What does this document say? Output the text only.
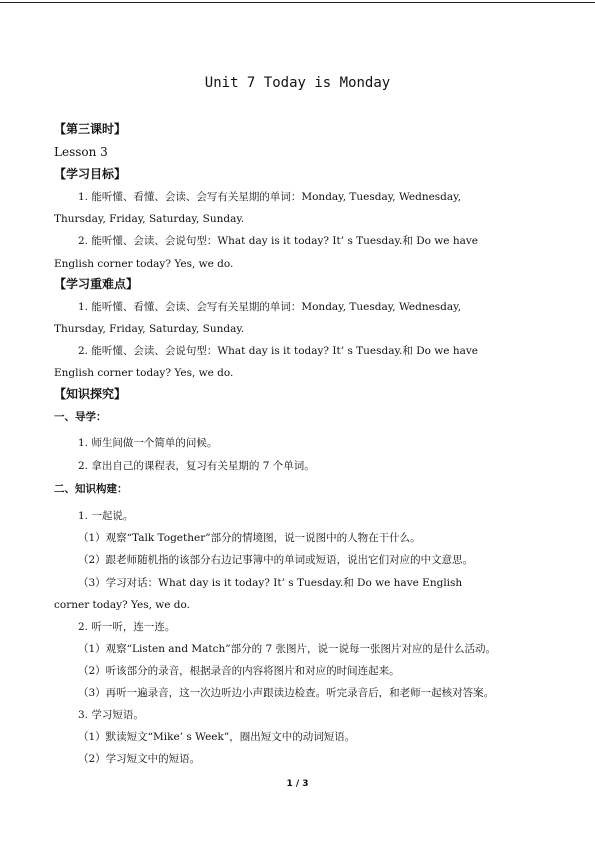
Unit 7 Today is Monday
【第三课时】
Lesson 3
【学习目标】
1. 能听懂、看懂、会读、会写有关星期的单词：Monday, Tuesday, Wednesday,
Thursday, Friday, Saturday, Sunday.
2. 能听懂、会读、会说句型：What day is it today? It’ s Tuesday.和 Do we have
English corner today? Yes, we do.
【学习重难点】
1. 能听懂、看懂、会读、会写有关星期的单词：Monday, Tuesday, Wednesday,
Thursday, Friday, Saturday, Sunday.
2. 能听懂、会读、会说句型：What day is it today? It’ s Tuesday.和 Do we have
English corner today? Yes, we do.
【知识探究】
一、导学：
1. 师生间做一个简单的问候。
2. 拿出自己的课程表，复习有关星期的 7 个单词。
二、知识构建：
1. 一起说。
（1）观察“Talk Together”部分的情境图，说一说图中的人物在干什么。
（2）跟老师随机指的该部分右边记事簿中的单词或短语，说出它们对应的中文意思。
（3）学习对话：What day is it today? It’ s Tuesday.和 Do we have English
corner today? Yes, we do.
2. 听一听，连一连。
（1）观察“Listen and Match”部分的 7 张图片，说一说每一张图片对应的是什么活动。
（2）听该部分的录音，根据录音的内容将图片和对应的时间连起来。
（3）再听一遍录音，这一次边听边小声跟读边检查。听完录音后，和老师一起核对答案。
3. 学习短语。
（1）默读短文“Mike’ s Week”，圈出短文中的动词短语。
（2）学习短文中的短语。
1 / 3
